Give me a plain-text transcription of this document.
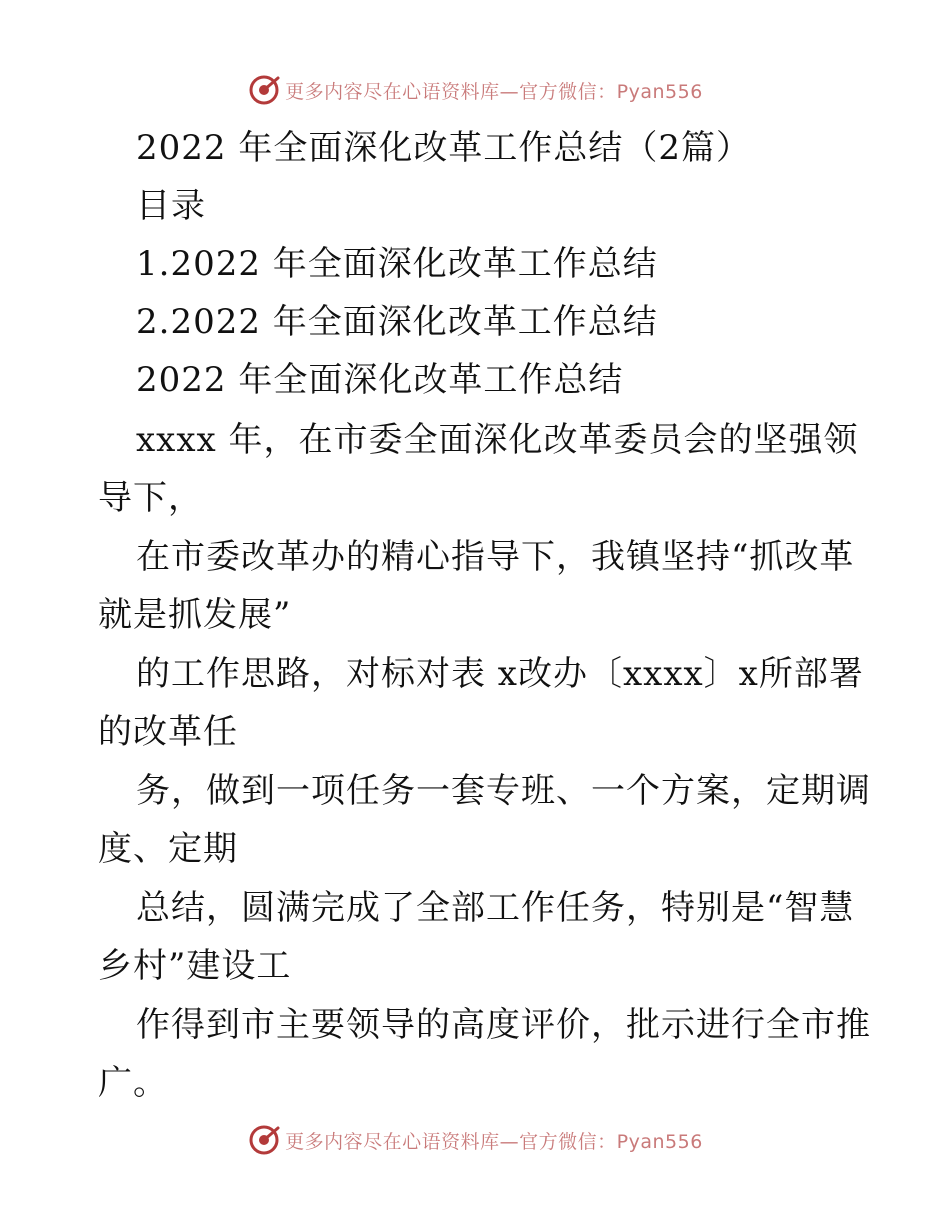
更多内容尽在心语资料库—官方微信：Pyan556
2022 年全面深化改革工作总结（2篇）
目录
1.2022 年全面深化改革工作总结
2.2022 年全面深化改革工作总结
2022 年全面深化改革工作总结
xxxx 年，在市委全面深化改革委员会的坚强领
导下，
在市委改革办的精心指导下，我镇坚持“抓改革
就是抓发展”
的工作思路，对标对表 x改办〔xxxx〕x所部署
的改革任
务，做到一项任务一套专班、一个方案，定期调
度、定期
总结，圆满完成了全部工作任务，特别是“智慧
乡村”建设工
作得到市主要领导的高度评价，批示进行全市推
广。
更多内容尽在心语资料库—官方微信：Pyan556
